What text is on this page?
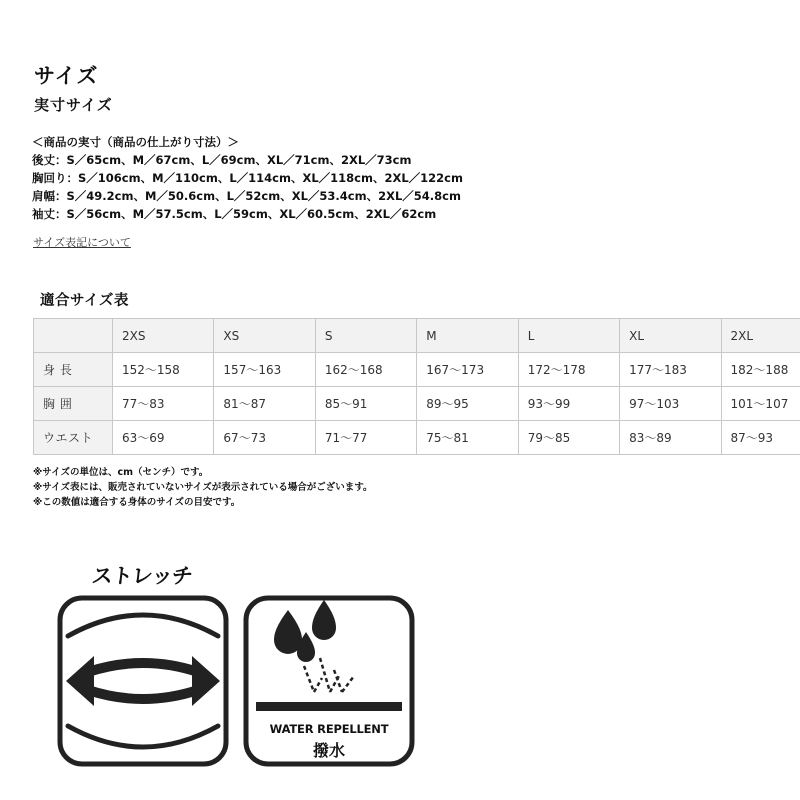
サイズ
実寸サイズ
＜商品の実寸（商品の仕上がり寸法）＞
後丈：S／65cm、M／67cm、L／69cm、XL／71cm、2XL／73cm
胸回り：S／106cm、M／110cm、L／114cm、XL／118cm、2XL／122cm
肩幅：S／49.2cm、M／50.6cm、L／52cm、XL／53.4cm、2XL／54.8cm
袖丈：S／56cm、M／57.5cm、L／59cm、XL／60.5cm、2XL／62cm
サイズ表記について
適合サイズ表
	2XS	XS	S	M	L	XL	2XL
身 長	152～158	157～163	162～168	167～173	172～178	177～183	182～188
胸 囲	77～83	81～87	85～91	89～95	93～99	97～103	101～107
ウエスト	63～69	67～73	71～77	75～81	79～85	83～89	87～93
※サイズの単位は、cm（センチ）です。
※サイズ表には、販売されていないサイズが表示されている場合がございます。
※この数値は適合する身体のサイズの目安です。
ストレッチ
WATER REPELLENT
撥水
